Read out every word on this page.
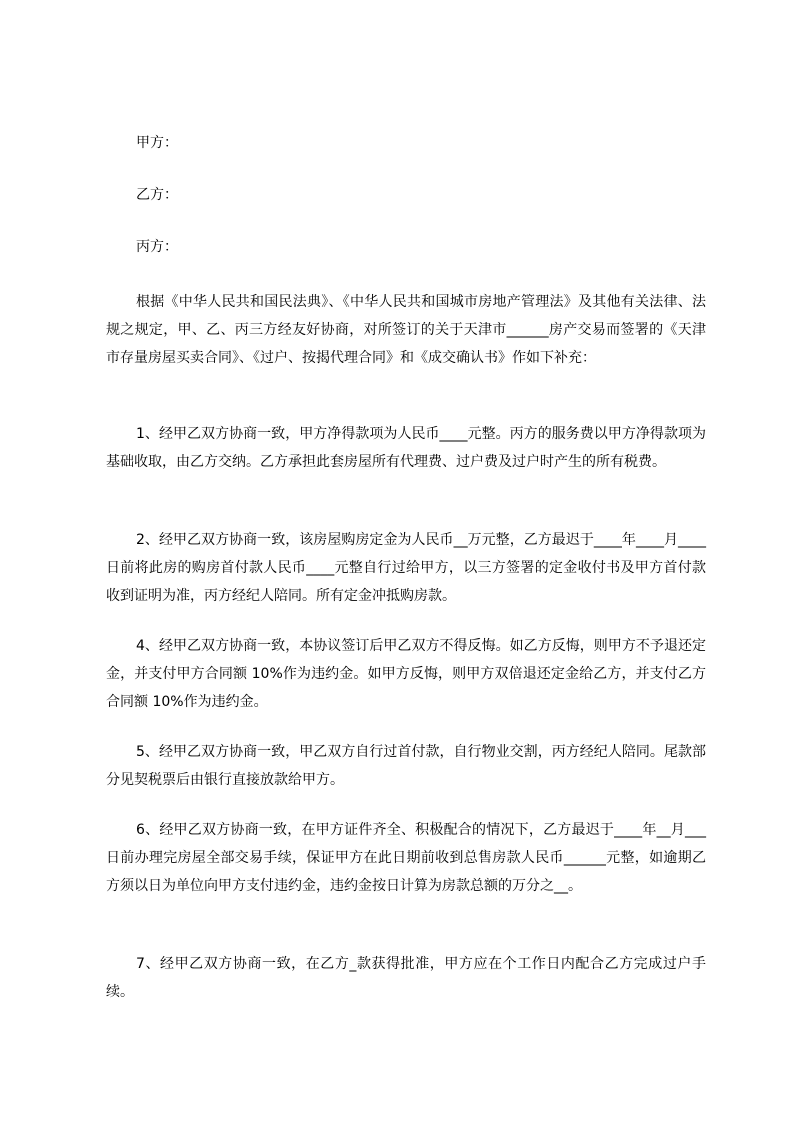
甲方：
乙方：
丙方：

根据《中华人民共和国民法典》、《中华人民共和国城市房地产管理法》及其他有关法律、法规之规定，甲、乙、丙三方经友好协商，对所签订的关于天津市______房产交易而签署的《天津市存量房屋买卖合同》、《过户、按揭代理合同》和《成交确认书》作如下补充：

1、经甲乙双方协商一致，甲方净得款项为人民币____元整。丙方的服务费以甲方净得款项为基础收取，由乙方交纳。乙方承担此套房屋所有代理费、过户费及过户时产生的所有税费。

2、经甲乙双方协商一致，该房屋购房定金为人民币__万元整，乙方最迟于____年____月____日前将此房的购房首付款人民币____元整自行过给甲方，以三方签署的定金收付书及甲方首付款收到证明为准，丙方经纪人陪同。所有定金冲抵购房款。

4、经甲乙双方协商一致，本协议签订后甲乙双方不得反悔。如乙方反悔，则甲方不予退还定金，并支付甲方合同额 10%作为违约金。如甲方反悔，则甲方双倍退还定金给乙方，并支付乙方合同额 10%作为违约金。

5、经甲乙双方协商一致，甲乙双方自行过首付款，自行物业交割，丙方经纪人陪同。尾款部分见契税票后由银行直接放款给甲方。

6、经甲乙双方协商一致，在甲方证件齐全、积极配合的情况下，乙方最迟于____年__月___日前办理完房屋全部交易手续，保证甲方在此日期前收到总售房款人民币______元整，如逾期乙方须以日为单位向甲方支付违约金，违约金按日计算为房款总额的万分之__。

7、经甲乙双方协商一致，在乙方_款获得批准，甲方应在个工作日内配合乙方完成过户手续。
